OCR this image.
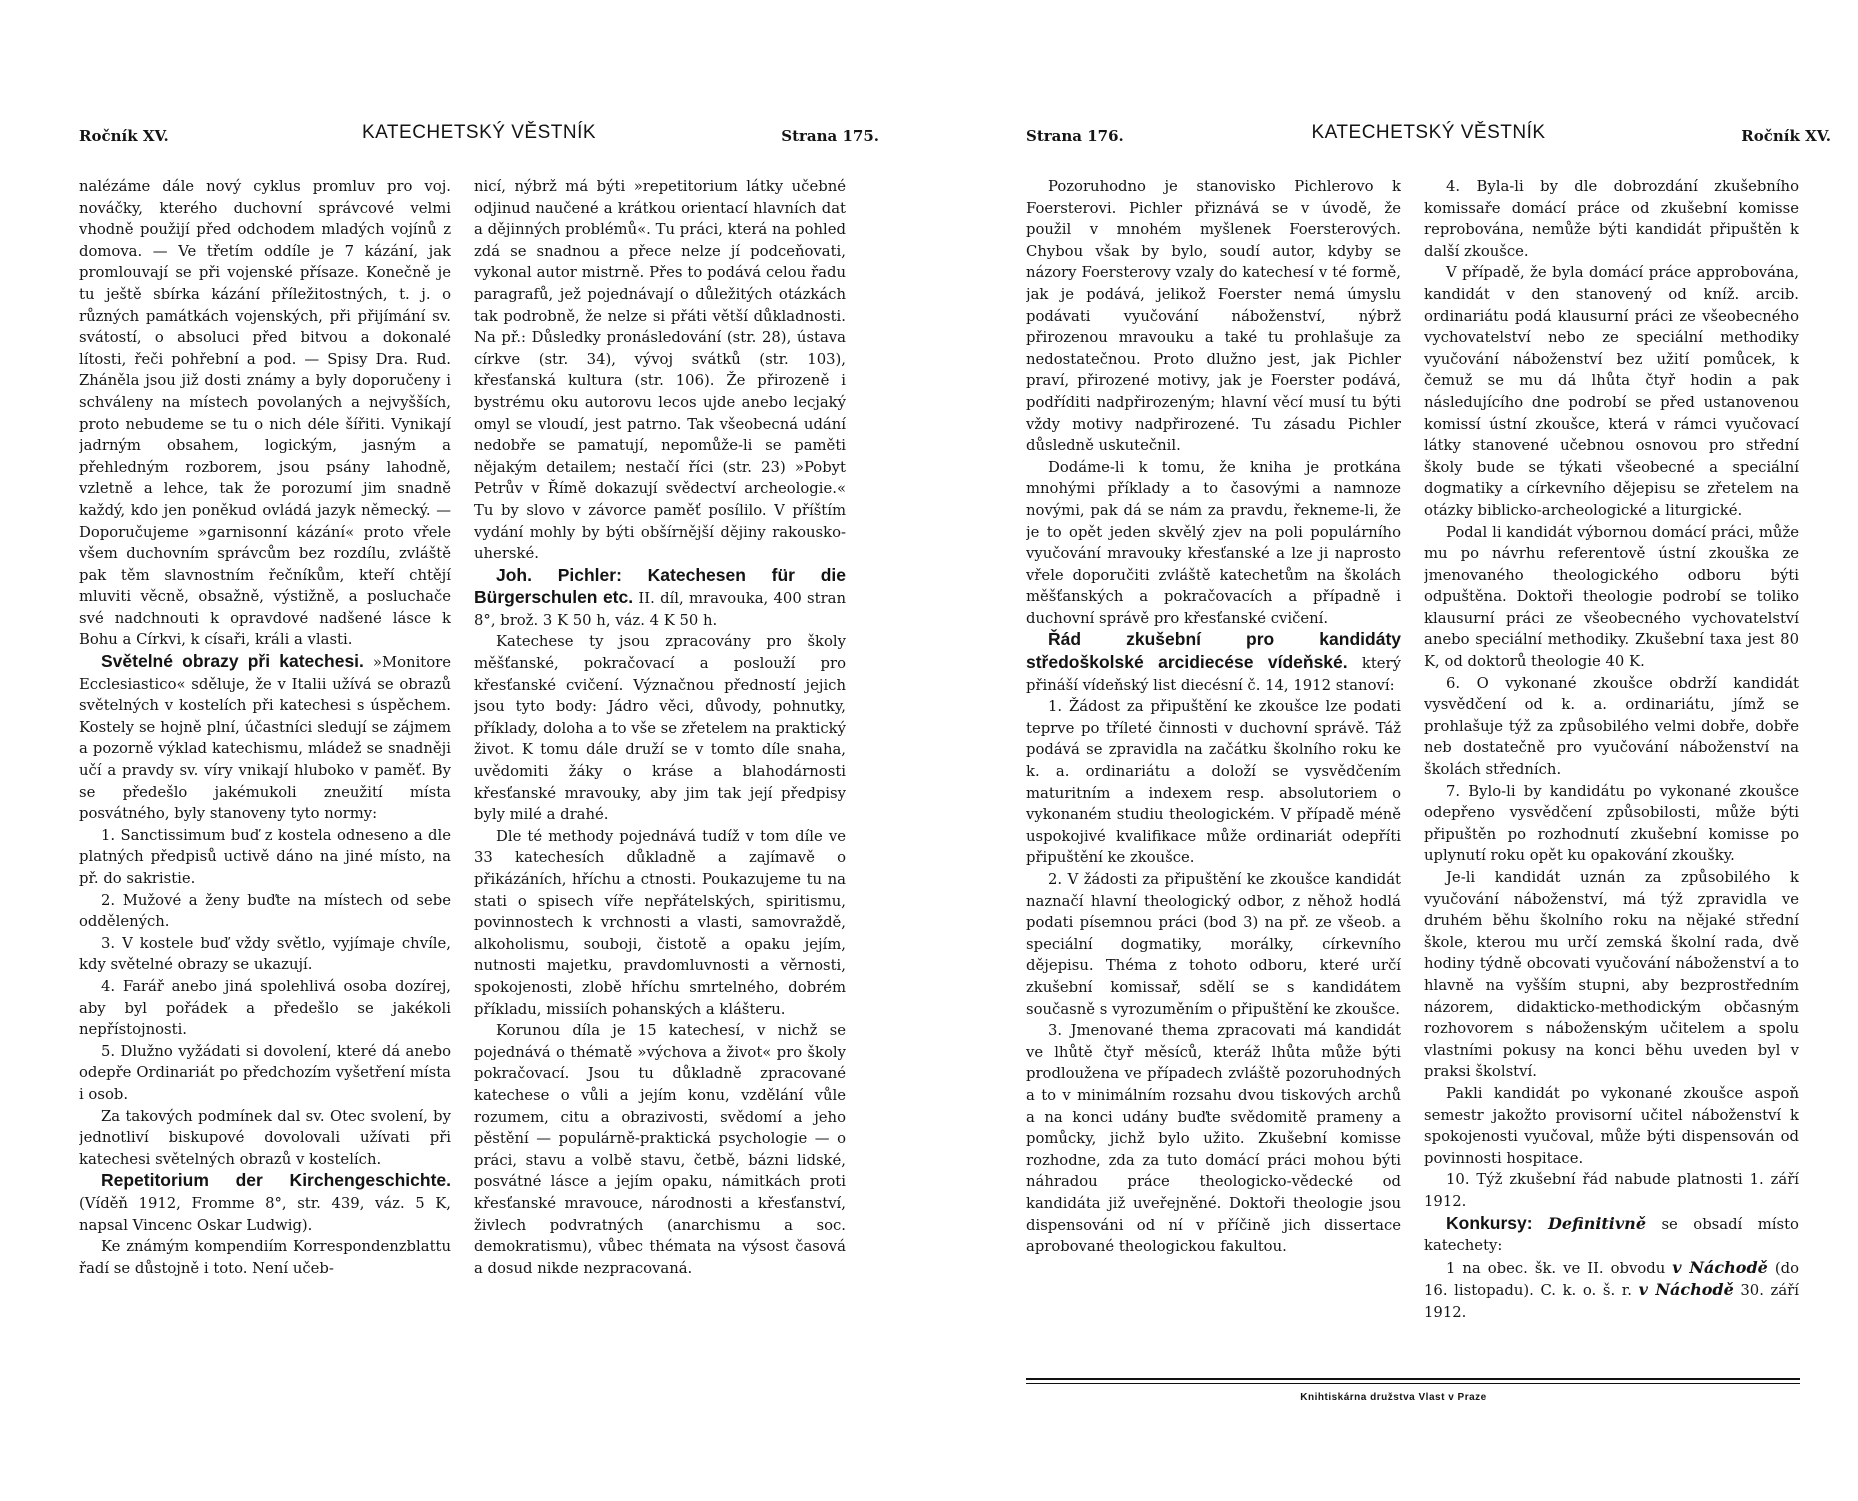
Ročník XV.	KATECHETSKÝ VĚSTNÍK	Strana 175.

nalézáme dále nový cyklus promluv pro voj. nováčky, kterého duchovní správcové velmi vhodně použijí před odchodem mladých vojínů z domova. — Ve třetím oddíle je 7 kázání, jak promlouvají se při vojenské přísaze. Konečně je tu ještě sbírka kázání příležitostných, t. j. o různých památkách vojenských, při přijímání sv. svátostí, o absoluci před bitvou a dokonalé lítosti, řeči pohřební a pod. — Spisy Dra. Rud. Zháněla jsou již dosti známy a byly doporučeny i schváleny na místech povolaných a nejvyšších, proto nebudeme se tu o nich déle šířiti. Vynikají jadrným obsahem, logickým, jasným a přehledným rozborem, jsou psány lahodně, vzletně a lehce, tak že porozumí jim snadně každý, kdo jen poněkud ovládá jazyk německý. — Doporučujeme »garnisonní kázání« proto vřele všem duchovním správcům bez rozdílu, zvláště pak těm slavnostním řečníkům, kteří chtějí mluviti věcně, obsažně, výstižně, a posluchače své nadchnouti k opravdové nadšené lásce k Bohu a Církvi, k císaři, králi a vlasti.

Světelné obrazy při katechesi. »Monitore Ecclesiastico« sděluje, že v Italii užívá se obrazů světelných v kostelích při katechesi s úspěchem. Kostely se hojně plní, účastníci sledují se zájmem a pozorně výklad katechismu, mládež se snadněji učí a pravdy sv. víry vnikají hluboko v paměť. By se předešlo jakémukoli zneužití místa posvátného, byly stanoveny tyto normy:

1. Sanctissimum buď z kostela odneseno a dle platných předpisů uctivě dáno na jiné místo, na př. do sakristie.

2. Mužové a ženy buďte na místech od sebe oddělených.

3. V kostele buď vždy světlo, vyjímaje chvíle, kdy světelné obrazy se ukazují.

4. Farář anebo jiná spolehlivá osoba dozírej, aby byl pořádek a předešlo se jakékoli nepřístojnosti.

5. Dlužno vyžádati si dovolení, které dá anebo odepře Ordinariát po předchozím vyšetření místa i osob.

Za takových podmínek dal sv. Otec svolení, by jednotliví biskupové dovolovali užívati při katechesi světelných obrazů v kostelích.

Repetitorium der Kirchengeschichte. (Víděň 1912, Fromme 8°, str. 439, váz. 5 K, napsal Vincenc Oskar Ludwig).

Ke známým kompendiím Korrespondenzblattu řadí se důstojně i toto. Není učeb-

nicí, nýbrž má býti »repetitorium látky učebné odjinud naučené a krátkou orientací hlavních dat a dějinných problémů«. Tu práci, která na pohled zdá se snadnou a přece nelze jí podceňovati, vykonal autor mistrně. Přes to podává celou řadu paragrafů, jež pojednávají o důležitých otázkách tak podrobně, že nelze si přáti větší důkladnosti. Na př.: Důsledky pronásledování (str. 28), ústava církve (str. 34), vývoj svátků (str. 103), křesťanská kultura (str. 106). Že přirozeně i bystrému oku autorovu lecos ujde anebo lecjaký omyl se vloudí, jest patrno. Tak všeobecná udání nedobře se pamatují, nepomůže-li se paměti nějakým detailem; nestačí říci (str. 23) »Pobyt Petrův v Římě dokazují svědectví archeologie.« Tu by slovo v závorce paměť posílilo. V příštím vydání mohly by býti obšírnější dějiny rakousko-uherské.

Joh. Pichler: Katechesen für die Bürgerschulen etc. II. díl, mravouka, 400 stran 8°, brož. 3 K 50 h, váz. 4 K 50 h.

Katechese ty jsou zpracovány pro školy měšťanské, pokračovací a poslouží pro křesťanské cvičení. Význačnou předností jejich jsou tyto body: Jádro věci, důvody, pohnutky, příklady, doloha a to vše se zřetelem na praktický život. K tomu dále druží se v tomto díle snaha, uvědomiti žáky o kráse a blahodárnosti křesťanské mravouky, aby jim tak její předpisy byly milé a drahé.

Dle té methody pojednává tudíž v tom díle ve 33 katechesích důkladně a zajímavě o přikázáních, hříchu a ctnosti. Poukazujeme tu na stati o spisech víře nepřátelských, spiritismu, povinnostech k vrchnosti a vlasti, samovraždě, alkoholismu, souboji, čistotě a opaku jejím, nutnosti majetku, pravdomluvnosti a věrnosti, spokojenosti, zlobě hříchu smrtelného, dobrém příkladu, missiích pohanských a klášteru.

Korunou díla je 15 katechesí, v nichž se pojednává o thématě »výchova a život« pro školy pokračovací. Jsou tu důkladně zpracované katechese o vůli a jejím konu, vzdělání vůle rozumem, citu a obrazivosti, svědomí a jeho pěstění — populárně-praktická psychologie — o práci, stavu a volbě stavu, četbě, bázni lidské, posvátné lásce a jejím opaku, námitkách proti křesťanské mravouce, národnosti a křesťanství, živlech podvratných (anarchismu a soc. demokratismu), vůbec thémata na výsost časová a dosud nikde nezpracovaná.

Strana 176.	KATECHETSKÝ VĚSTNÍK	Ročník XV.

Pozoruhodno je stanovisko Pichlerovo k Foersterovi. Pichler přiznává se v úvodě, že použil v mnohém myšlenek Foersterových. Chybou však by bylo, soudí autor, kdyby se názory Foersterovy vzaly do katechesí v té formě, jak je podává, jelikož Foerster nemá úmyslu podávati vyučování náboženství, nýbrž přirozenou mravouku a také tu prohlašuje za nedostatečnou. Proto dlužno jest, jak Pichler praví, přirozené motivy, jak je Foerster podává, podříditi nadpřirozeným; hlavní věcí musí tu býti vždy motivy nadpřirozené. Tu zásadu Pichler důsledně uskutečnil.

Dodáme-li k tomu, že kniha je protkána mnohými příklady a to časovými a namnoze novými, pak dá se nám za pravdu, řekneme-li, že je to opět jeden skvělý zjev na poli populárního vyučování mravouky křesťanské a lze ji naprosto vřele doporučiti zvláště katechetům na školách měšťanských a pokračovacích a případně i duchovní správě pro křesťanské cvičení.

Řád zkušební pro kandidáty středoškolské arcidiecése vídeňské. který přináší vídeňský list diecésní č. 14, 1912 stanoví:

1. Žádost za připuštění ke zkoušce lze podati teprve po tříleté činnosti v duchovní správě. Táž podává se zpravidla na začátku školního roku ke k. a. ordinariátu a doloží se vysvědčením maturitním a indexem resp. absolutoriem o vykonaném studiu theologickém. V případě méně uspokojivé kvalifikace může ordinariát odepříti připuštění ke zkoušce.

2. V žádosti za připuštění ke zkoušce kandidát naznačí hlavní theologický odbor, z něhož hodlá podati písemnou práci (bod 3) na př. ze všeob. a speciální dogmatiky, morálky, církevního dějepisu. Théma z tohoto odboru, které určí zkušební komissař, sdělí se s kandidátem současně s vyrozuměním o připuštění ke zkoušce.

3. Jmenované thema zpracovati má kandidát ve lhůtě čtyř měsíců, kteráž lhůta může býti prodloužena ve případech zvláště pozoruhodných a to v minimálním rozsahu dvou tiskových archů a na konci udány buďte svědomitě prameny a pomůcky, jichž bylo užito. Zkušební komisse rozhodne, zda za tuto domácí práci mohou býti náhradou práce theologicko-vědecké od kandidáta již uveřejněné. Doktoři theologie jsou dispensováni od ní v příčině jich dissertace aprobované theologickou fakultou.

4. Byla-li by dle dobrozdání zkušebního komissaře domácí práce od zkušební komisse reprobována, nemůže býti kandidát připuštěn k další zkoušce.

V případě, že byla domácí práce approbována, kandidát v den stanovený od kníž. arcib. ordinariátu podá klausurní práci ze všeobecného vychovatelství nebo ze speciální methodiky vyučování náboženství bez užití pomůcek, k čemuž se mu dá lhůta čtyř hodin a pak následujícího dne podrobí se před ustanovenou komissí ústní zkoušce, která v rámci vyučovací látky stanovené učebnou osnovou pro střední školy bude se týkati všeobecné a speciální dogmatiky a církevního dějepisu se zřetelem na otázky biblicko-archeologické a liturgické.

Podal li kandidát výbornou domácí práci, může mu po návrhu referentově ústní zkouška ze jmenovaného theologického odboru býti odpuštěna. Doktoři theologie podrobí se toliko klausurní práci ze všeobecného vychovatelství anebo speciální methodiky. Zkušební taxa jest 80 K, od doktorů theologie 40 K.

6. O vykonané zkoušce obdrží kandidát vysvědčení od k. a. ordinariátu, jímž se prohlašuje týž za způsobilého velmi dobře, dobře neb dostatečně pro vyučování náboženství na školách středních.

7. Bylo-li by kandidátu po vykonané zkoušce odepřeno vysvědčení způsobilosti, může býti připuštěn po rozhodnutí zkušební komisse po uplynutí roku opět ku opakování zkoušky.

Je-li kandidát uznán za způsobilého k vyučování náboženství, má týž zpravidla ve druhém běhu školního roku na nějaké střední škole, kterou mu určí zemská školní rada, dvě hodiny týdně obcovati vyučování náboženství a to hlavně na vyšším stupni, aby bezprostředním názorem, didakticko-methodickým občasným rozhovorem s náboženským učitelem a spolu vlastními pokusy na konci běhu uveden byl v praksi školství.

Pakli kandidát po vykonané zkoušce aspoň semestr jakožto provisorní učitel náboženství k spokojenosti vyučoval, může býti dispensován od povinnosti hospitace.

10. Týž zkušební řád nabude platnosti 1. září 1912.

Konkursy: Definitivně se obsadí místo katechety:

1 na obec. šk. ve II. obvodu v Náchodě (do 16. listopadu). C. k. o. š. r. v Náchodě 30. září 1912.

Knihtiskárna družstva Vlast v Praze
